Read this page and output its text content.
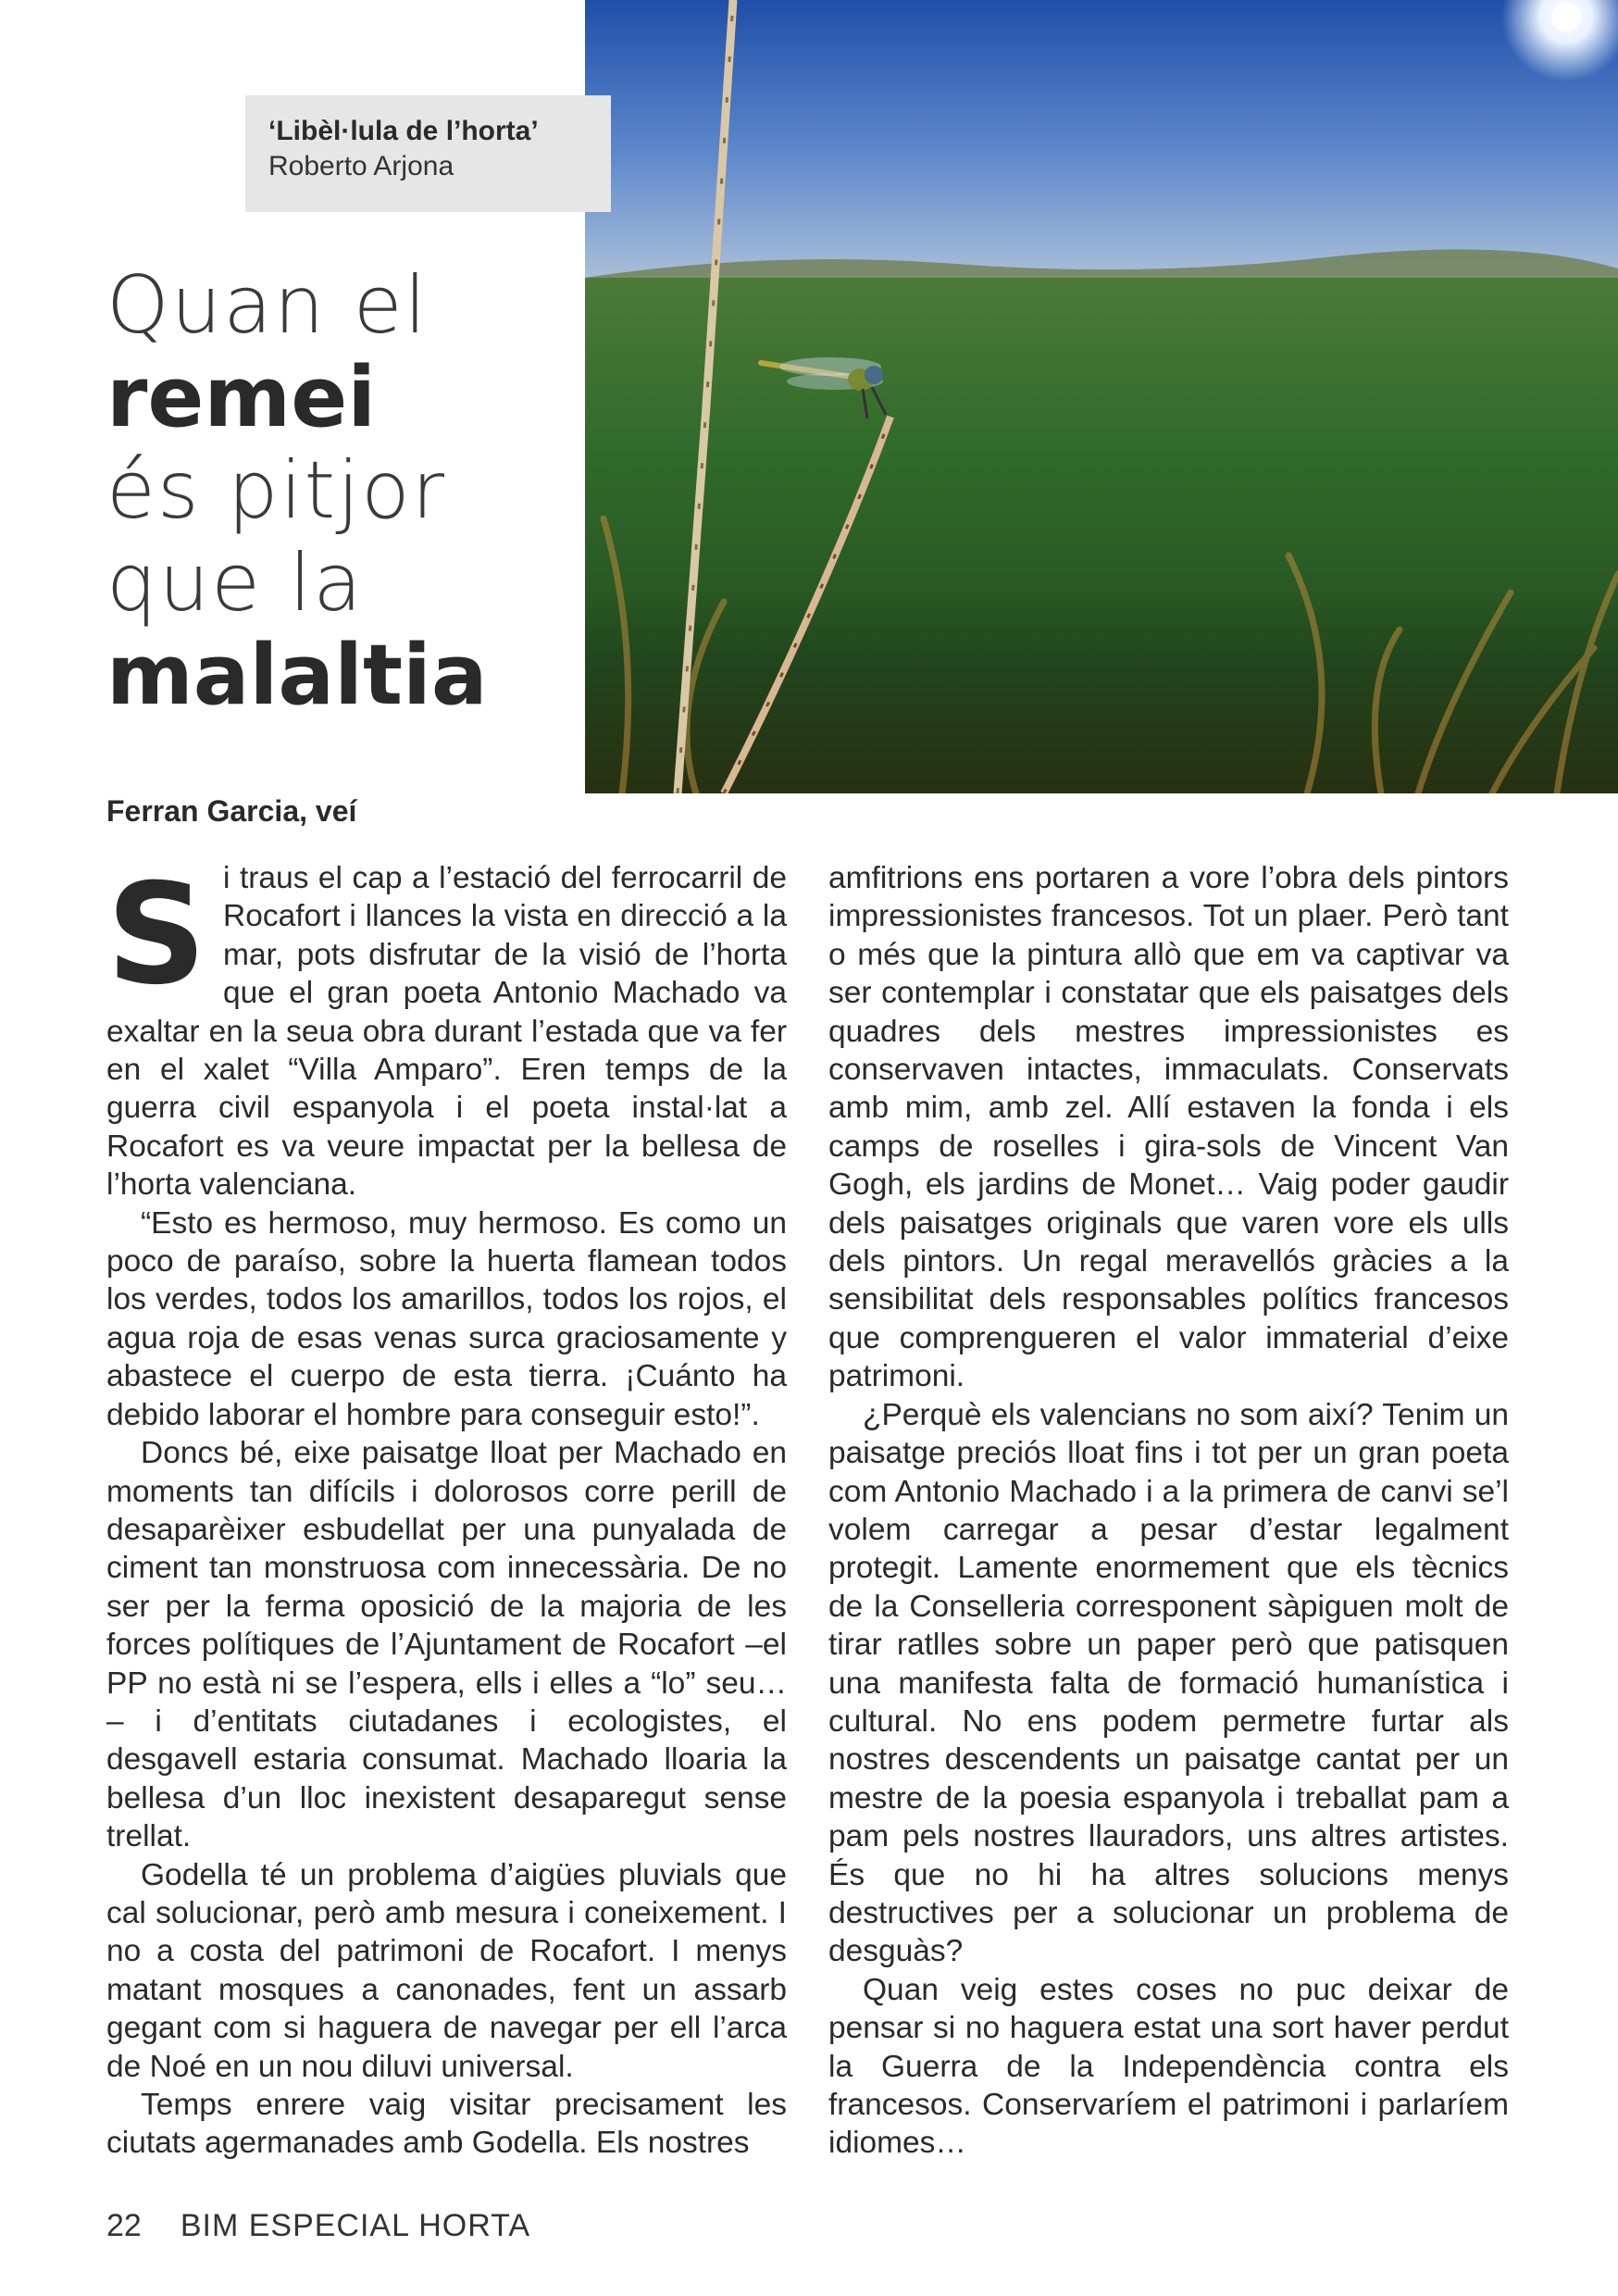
‘Libèl·lula de l’horta’
Roberto Arjona
Quan el
remei
és pitjor
que la
malaltia
Ferran Garcia, veí

Si traus el cap a l’estació del ferrocarril de Rocafort i llances la vista en direcció a la mar, pots disfrutar de la visió de l’horta que el gran poeta Antonio Machado va exaltar en la seua obra durant l’estada que va fer en el xalet “Villa Amparo”. Eren temps de la guerra civil espanyola i el poeta instal·lat a Rocafort es va veure impactat per la bellesa de l’horta valenciana.

“Esto es hermoso, muy hermoso. Es como un poco de paraíso, sobre la huerta flamean todos los verdes, todos los amarillos, todos los rojos, el agua roja de esas venas surca graciosamente y abastece el cuerpo de esta tierra. ¡Cuánto ha debido laborar el hombre para conseguir esto!”.

Doncs bé, eixe paisatge lloat per Machado en moments tan difícils i dolorosos corre perill de desaparèixer esbudellat per una punyalada de ciment tan monstruosa com innecessària. De no ser per la ferma oposició de la majoria de les forces polítiques de l’Ajuntament de Rocafort –el PP no està ni se l’espera, ells i elles a “lo” seu… – i d’entitats ciutadanes i ecologistes, el desgavell estaria consumat. Machado lloaria la bellesa d’un lloc inexistent desaparegut sense trellat.

Godella té un problema d’aigües pluvials que cal solucionar, però amb mesura i coneixement. I no a costa del patrimoni de Rocafort. I menys matant mosques a canonades, fent un assarb gegant com si haguera de navegar per ell l’arca de Noé en un nou diluvi universal.

Temps enrere vaig visitar precisament les ciutats agermanades amb Godella. Els nostres

amfitrions ens portaren a vore l’obra dels pintors impressionistes francesos. Tot un plaer. Però tant o més que la pintura allò que em va captivar va ser contemplar i constatar que els paisatges dels quadres dels mestres impressionistes es conservaven intactes, immaculats. Conservats amb mim, amb zel. Allí estaven la fonda i els camps de roselles i gira-sols de Vincent Van Gogh, els jardins de Monet… Vaig poder gaudir dels paisatges originals que varen vore els ulls dels pintors. Un regal meravellós gràcies a la sensibilitat dels responsables polítics francesos que comprengueren el valor immaterial d’eixe patrimoni.

¿Perquè els valencians no som així? Tenim un paisatge preciós lloat fins i tot per un gran poeta com Antonio Machado i a la primera de canvi se’l volem carregar a pesar d’estar legalment protegit. Lamente enormement que els tècnics de la Conselleria corresponent sàpiguen molt de tirar ratlles sobre un paper però que patisquen una manifesta falta de formació humanística i cultural. No ens podem permetre furtar als nostres descendents un paisatge cantat per un mestre de la poesia espanyola i treballat pam a pam pels nostres llauradors, uns altres artistes. És que no hi ha altres solucions menys destructives per a solucionar un problema de desguàs?

Quan veig estes coses no puc deixar de pensar si no haguera estat una sort haver perdut la Guerra de la Independència contra els francesos. Conservaríem el patrimoni i parlaríem idiomes…

22 BIM ESPECIAL HORTA
